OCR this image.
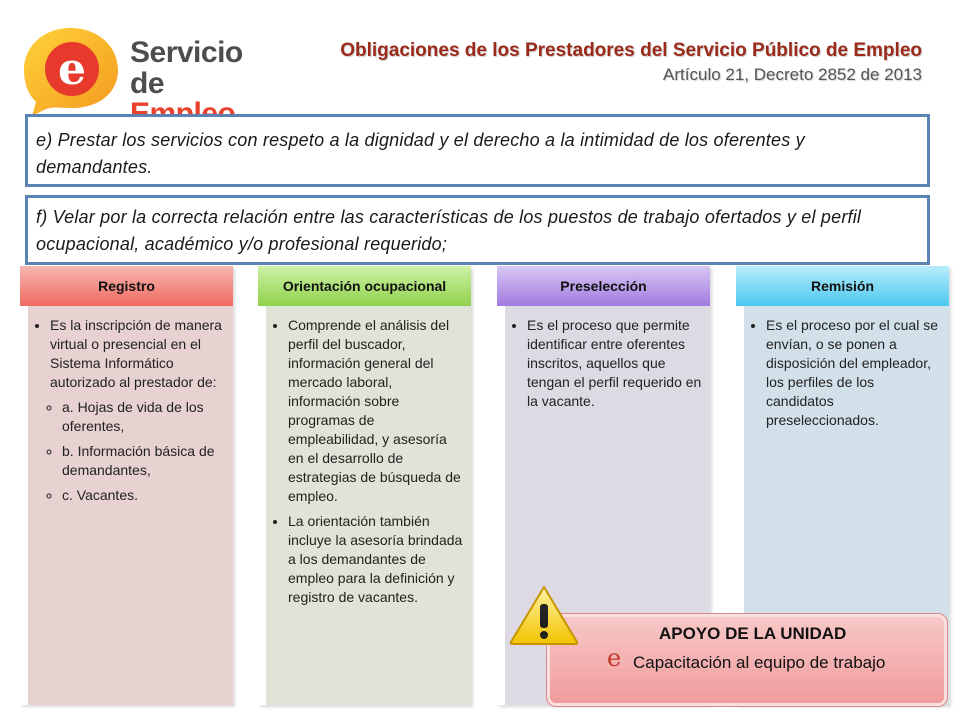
e Servicio
de
Obligaciones de los Prestadores del Servicio Público de Empleo
Artículo 21, Decreto 2852 de 2013
e) Prestar los servicios con respeto a la dignidad y el derecho a la intimidad de los oferentes y demandantes.
f) Velar por la correcta relación entre las características de los puestos de trabajo ofertados y el perfil ocupacional, académico y/o profesional requerido;
Registro
• Es la inscripción de manera virtual o presencial en el Sistema Informático autorizado al prestador de:
◦ a. Hojas de vida de los oferentes,
◦ b. Información básica de demandantes,
◦ c. Vacantes.
Orientación ocupacional
• Comprende el análisis del perfil del buscador, información general del mercado laboral, información sobre programas de empleabilidad, y asesoría en el desarrollo de estrategias de búsqueda de empleo.
• La orientación también incluye la asesoría brindada a los demandantes de empleo para la definición y registro de vacantes.
Preselección
• Es el proceso que permite identificar entre oferentes inscritos, aquellos que tengan el perfil requerido en la vacante.
Remisión
• Es el proceso por el cual se envían, o se ponen a disposición del empleador, los perfiles de los candidatos preseleccionados.
APOYO DE LA UNIDAD
e Capacitación al equipo de trabajo
